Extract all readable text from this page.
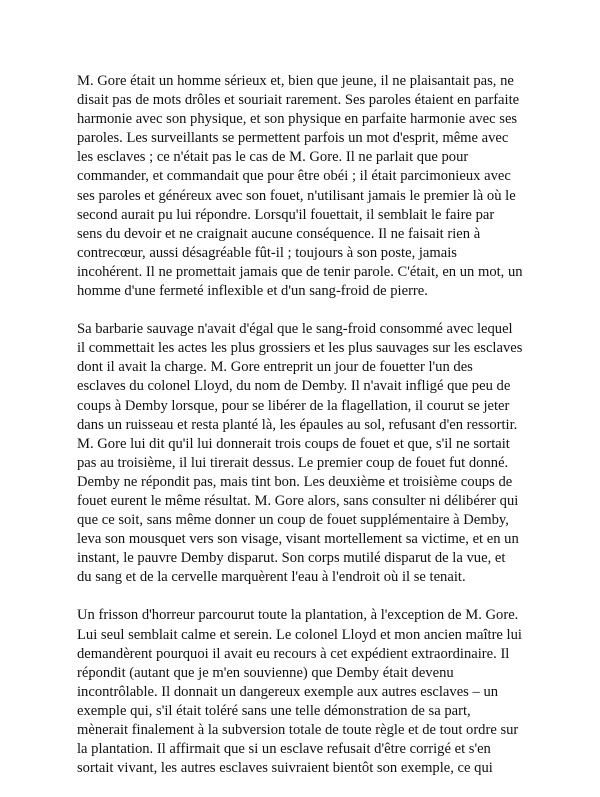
M. Gore était un homme sérieux et, bien que jeune, il ne plaisantait pas, ne
disait pas de mots drôles et souriait rarement. Ses paroles étaient en parfaite
harmonie avec son physique, et son physique en parfaite harmonie avec ses
paroles. Les surveillants se permettent parfois un mot d'esprit, même avec
les esclaves ; ce n'était pas le cas de M. Gore. Il ne parlait que pour
commander, et commandait que pour être obéi ; il était parcimonieux avec
ses paroles et généreux avec son fouet, n'utilisant jamais le premier là où le
second aurait pu lui répondre. Lorsqu'il fouettait, il semblait le faire par
sens du devoir et ne craignait aucune conséquence. Il ne faisait rien à
contrecœur, aussi désagréable fût-il ; toujours à son poste, jamais
incohérent. Il ne promettait jamais que de tenir parole. C'était, en un mot, un
homme d'une fermeté inflexible et d'un sang-froid de pierre.

Sa barbarie sauvage n'avait d'égal que le sang-froid consommé avec lequel
il commettait les actes les plus grossiers et les plus sauvages sur les esclaves
dont il avait la charge. M. Gore entreprit un jour de fouetter l'un des
esclaves du colonel Lloyd, du nom de Demby. Il n'avait infligé que peu de
coups à Demby lorsque, pour se libérer de la flagellation, il courut se jeter
dans un ruisseau et resta planté là, les épaules au sol, refusant d'en ressortir.
M. Gore lui dit qu'il lui donnerait trois coups de fouet et que, s'il ne sortait
pas au troisième, il lui tirerait dessus. Le premier coup de fouet fut donné.
Demby ne répondit pas, mais tint bon. Les deuxième et troisième coups de
fouet eurent le même résultat. M. Gore alors, sans consulter ni délibérer qui
que ce soit, sans même donner un coup de fouet supplémentaire à Demby,
leva son mousquet vers son visage, visant mortellement sa victime, et en un
instant, le pauvre Demby disparut. Son corps mutilé disparut de la vue, et
du sang et de la cervelle marquèrent l'eau à l'endroit où il se tenait.

Un frisson d'horreur parcourut toute la plantation, à l'exception de M. Gore.
Lui seul semblait calme et serein. Le colonel Lloyd et mon ancien maître lui
demandèrent pourquoi il avait eu recours à cet expédient extraordinaire. Il
répondit (autant que je m'en souvienne) que Demby était devenu
incontrôlable. Il donnait un dangereux exemple aux autres esclaves – un
exemple qui, s'il était toléré sans une telle démonstration de sa part,
mènerait finalement à la subversion totale de toute règle et de tout ordre sur
la plantation. Il affirmait que si un esclave refusait d'être corrigé et s'en
sortait vivant, les autres esclaves suivraient bientôt son exemple, ce qui
